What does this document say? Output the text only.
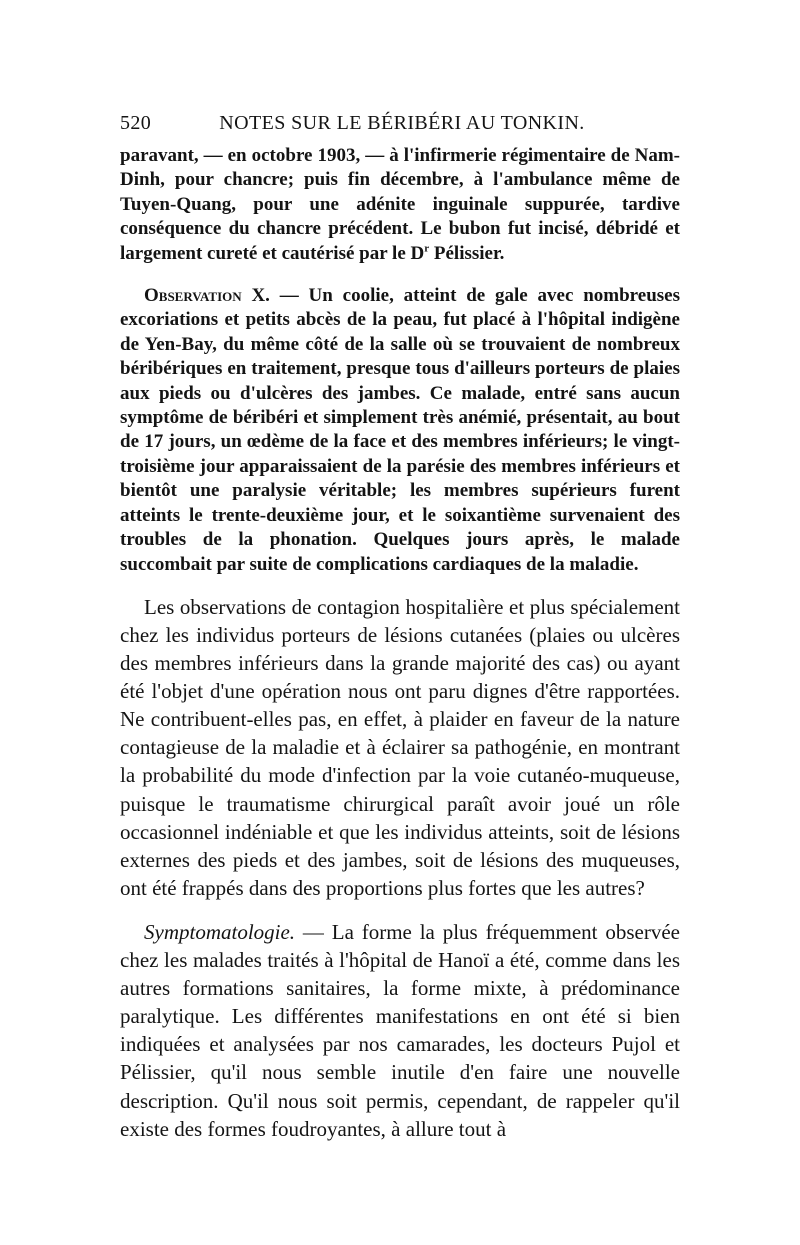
520	NOTES SUR LE BÉRIBÉRI AU TONKIN.

paravant, — en octobre 1903, — à l'infirmerie régimentaire de Nam-Dinh, pour chancre; puis fin décembre, à l'ambulance même de Tuyen-Quang, pour une adénite inguinale suppurée, tardive conséquence du chancre précédent. Le bubon fut incisé, débridé et largement cureté et cautérisé par le $D^r$ Pélissier.

Observation X. — Un coolie, atteint de gale avec nombreuses excoriations et petits abcès de la peau, fut placé à l'hôpital indigène de Yen-Bay, du même côté de la salle où se trouvaient de nombreux béribériques en traitement, presque tous d'ailleurs porteurs de plaies aux pieds ou d'ulcères des jambes. Ce malade, entré sans aucun symptôme de béribéri et simplement très anémié, présentait, au bout de 17 jours, un œdème de la face et des membres inférieurs; le vingt-troisième jour apparaissaient de la parésie des membres inférieurs et bientôt une paralysie véritable; les membres supérieurs furent atteints le trente-deuxième jour, et le soixantième survenaient des troubles de la phonation. Quelques jours après, le malade succombait par suite de complications cardiaques de la maladie.

Les observations de contagion hospitalière et plus spécialement chez les individus porteurs de lésions cutanées (plaies ou ulcères des membres inférieurs dans la grande majorité des cas) ou ayant été l'objet d'une opération nous ont paru dignes d'être rapportées. Ne contribuent-elles pas, en effet, à plaider en faveur de la nature contagieuse de la maladie et à éclairer sa pathogénie, en montrant la probabilité du mode d'infection par la voie cutanéo-muqueuse, puisque le traumatisme chirurgical paraît avoir joué un rôle occasionnel indéniable et que les individus atteints, soit de lésions externes des pieds et des jambes, soit de lésions des muqueuses, ont été frappés dans des proportions plus fortes que les autres?

Symptomatologie. — La forme la plus fréquemment observée chez les malades traités à l'hôpital de Hanoï a été, comme dans les autres formations sanitaires, la forme mixte, à prédominance paralytique. Les différentes manifestations en ont été si bien indiquées et analysées par nos camarades, les docteurs Pujol et Pélissier, qu'il nous semble inutile d'en faire une nouvelle description. Qu'il nous soit permis, cependant, de rappeler qu'il existe des formes foudroyantes, à allure tout à
